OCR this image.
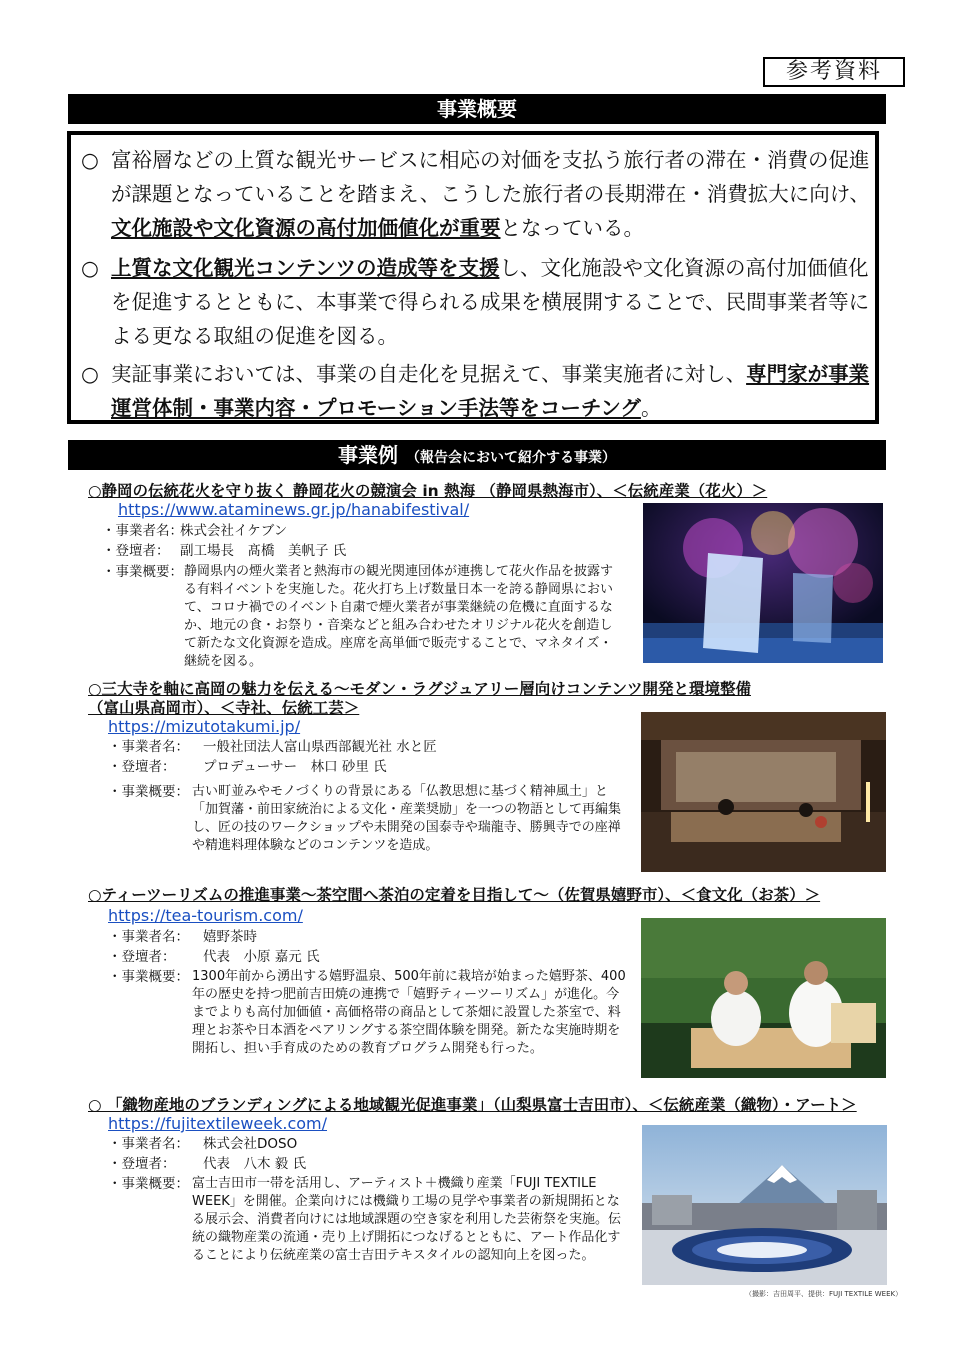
参考資料
事業概要
○ 富裕層などの上質な観光サービスに相応の対価を支払う旅行者の滞在・消費の促進が課題となっていることを踏まえ、こうした旅行者の長期滞在・消費拡大に向け、文化施設や文化資源の高付加価値化が重要となっている。
○ 上質な文化観光コンテンツの造成等を支援し、文化施設や文化資源の高付加価値化を促進するとともに、本事業で得られる成果を横展開することで、民間事業者等による更なる取組の促進を図る。
○ 実証事業においては、事業の自走化を見据えて、事業実施者に対し、専門家が事業運営体制・事業内容・プロモーション手法等をコーチング。
事業例 （報告会において紹介する事業）
○静岡の伝統花火を守り抜く 静岡花火の競演会 in 熱海 （静岡県熱海市）、＜伝統産業（花火）＞
https://www.ataminews.gr.jp/hanabifestival/
・事業者名：株式会社イケブン
・登壇者： 副工場長　髙橋　美帆子 氏
・事業概要： 静岡県内の煙火業者と熱海市の観光関連団体が連携して花火作品を披露する有料イベントを実施した。花火打ち上げ数量日本一を誇る静岡県において、コロナ禍でのイベント自粛で煙火業者が事業継続の危機に直面するなか、地元の食・お祭り・音楽などと組み合わせたオリジナル花火を創造して新たな文化資源を造成。座席を高単価で販売することで、マネタイズ・継続を図る。
○三大寺を軸に高岡の魅力を伝える～モダン・ラグジュアリー層向けコンテンツ開発と環境整備
（富山県高岡市）、＜寺社、伝統工芸＞
https://mizutotakumi.jp/
・事業者名： 一般社団法人富山県西部観光社 水と匠
・登壇者： プロデューサー　林口 砂里 氏
・事業概要： 古い町並みやモノづくりの背景にある「仏教思想に基づく精神風土」と「加賀藩・前田家統治による文化・産業奨励」を一つの物語として再編集し、匠の技のワークショップや未開発の国泰寺や瑞龍寺、勝興寺での座禅や精進料理体験などのコンテンツを造成。
○ティーツーリズムの推進事業～茶空間へ茶泊の定着を目指して～（佐賀県嬉野市）、＜食文化（お茶）＞
https://tea-tourism.com/
・事業者名： 嬉野茶時
・登壇者： 代表　小原 嘉元 氏
・事業概要： 1300年前から湧出する嬉野温泉、500年前に栽培が始まった嬉野茶、400年の歴史を持つ肥前吉田焼の連携で「嬉野ティーツーリズム」が進化。今までよりも高付加価値・高価格帯の商品として茶畑に設置した茶室で、料理とお茶や日本酒をペアリングする茶空間体験を開発。新たな実施時期を開拓し、担い手育成のための教育プログラム開発も行った。
○ 「織物産地のブランディングによる地域観光促進事業」（山梨県富士吉田市）、＜伝統産業（織物）・アート＞
https://fujitextileweek.com/
・事業者名： 株式会社DOSO
・登壇者： 代表　八木 毅 氏
・事業概要： 富士吉田市一帯を活用し、アーティスト＋機織り産業「FUJI TEXTILE WEEK」を開催。企業向けには機織り工場の見学や事業者の新規開拓となる展示会、消費者向けには地域課題の空き家を利用した芸術祭を実施。伝統の織物産業の流通・売り上げ開拓につなげるとともに、アート作品化することにより伝統産業の富士吉田テキスタイルの認知向上を図った。
（撮影：吉田周平、提供：FUJI TEXTILE WEEK）
